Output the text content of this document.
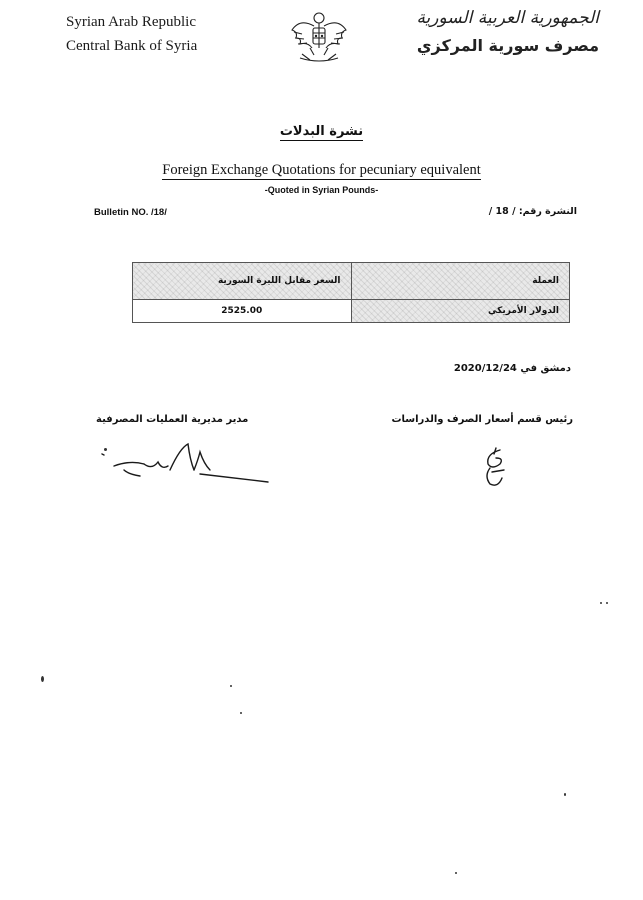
Syrian Arab Republic
Central Bank of Syria
الجمهورية العربية السورية
مصرف سورية المركزي
نشرة البدلات
Foreign Exchange Quotations for pecuniary equivalent
-Quoted in Syrian Pounds-
Bulletin NO. /18/	النشرة رقم: / 18 /
السعر مقابل الليرة السورية	العملة
2525.00	الدولار الأمريكي
دمشق في 2020/12/24
مدير مديرية العمليات المصرفية	رئيس قسم أسعار الصرف والدراسات
